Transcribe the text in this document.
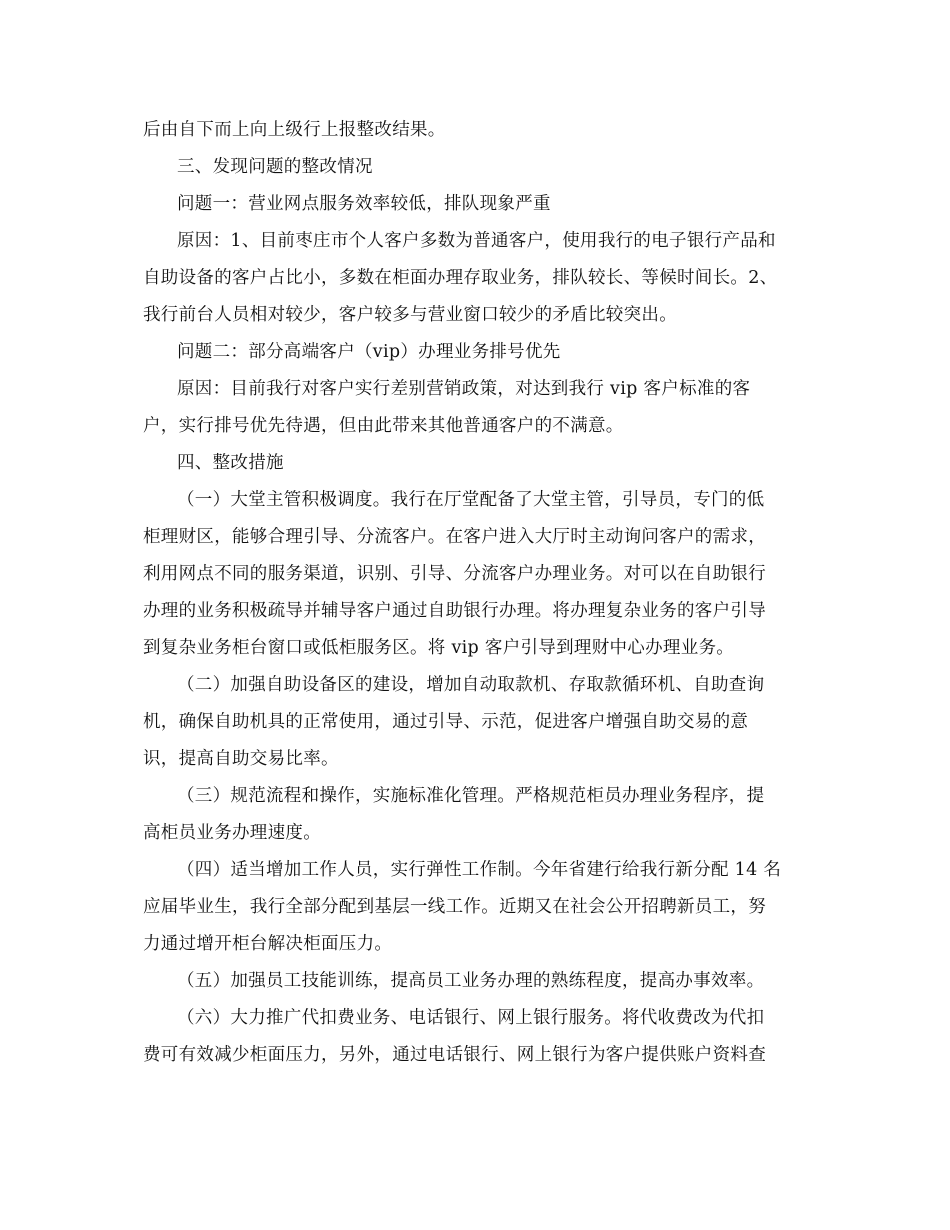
后由自下而上向上级行上报整改结果。
三、发现问题的整改情况
问题一：营业网点服务效率较低，排队现象严重
原因：1、目前枣庄市个人客户多数为普通客户，使用我行的电子银行产品和
自助设备的客户占比小，多数在柜面办理存取业务，排队较长、等候时间长。2、
我行前台人员相对较少，客户较多与营业窗口较少的矛盾比较突出。
问题二：部分高端客户（vip）办理业务排号优先
原因：目前我行对客户实行差别营销政策，对达到我行 vip 客户标准的客
户，实行排号优先待遇，但由此带来其他普通客户的不满意。
四、整改措施
（一）大堂主管积极调度。我行在厅堂配备了大堂主管，引导员，专门的低
柜理财区，能够合理引导、分流客户。在客户进入大厅时主动询问客户的需求，
利用网点不同的服务渠道，识别、引导、分流客户办理业务。对可以在自助银行
办理的业务积极疏导并辅导客户通过自助银行办理。将办理复杂业务的客户引导
到复杂业务柜台窗口或低柜服务区。将 vip 客户引导到理财中心办理业务。
（二）加强自助设备区的建设，增加自动取款机、存取款循环机、自助查询
机，确保自助机具的正常使用，通过引导、示范，促进客户增强自助交易的意
识，提高自助交易比率。
（三）规范流程和操作，实施标准化管理。严格规范柜员办理业务程序，提
高柜员业务办理速度。
（四）适当增加工作人员，实行弹性工作制。今年省建行给我行新分配 14 名
应届毕业生，我行全部分配到基层一线工作。近期又在社会公开招聘新员工，努
力通过增开柜台解决柜面压力。
（五）加强员工技能训练，提高员工业务办理的熟练程度，提高办事效率。
（六）大力推广代扣费业务、电话银行、网上银行服务。将代收费改为代扣
费可有效减少柜面压力，另外，通过电话银行、网上银行为客户提供账户资料查
